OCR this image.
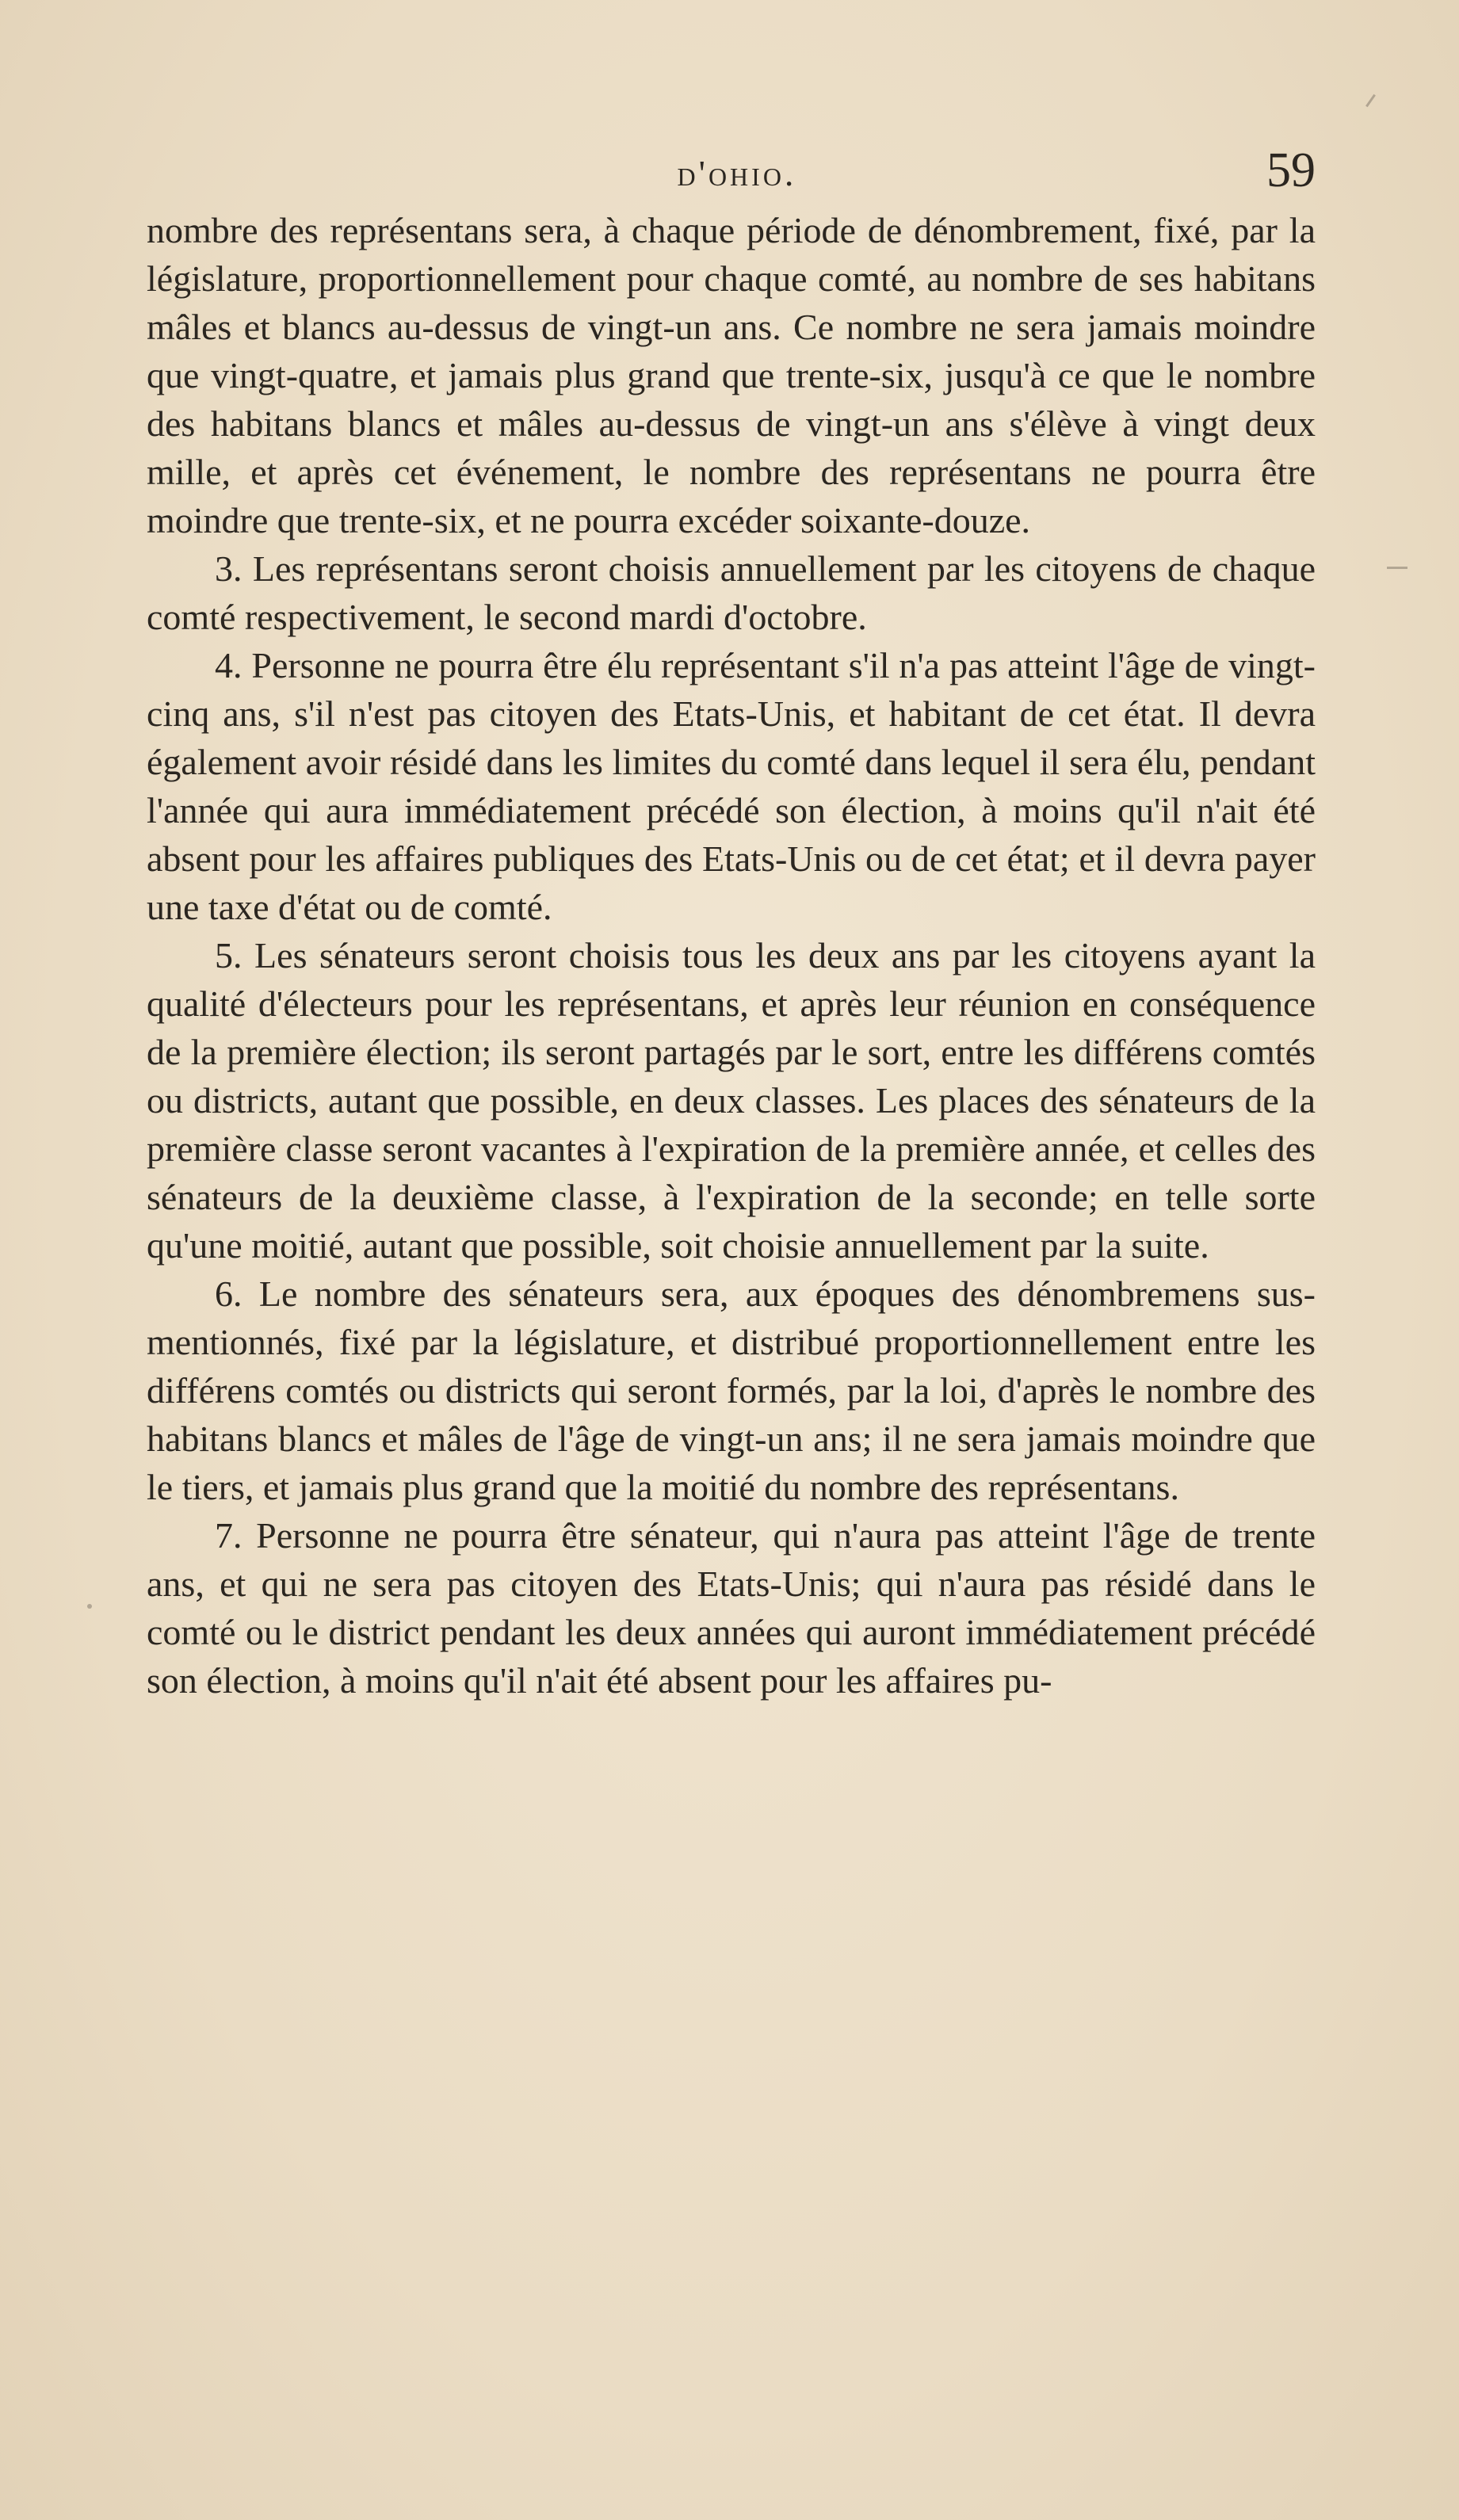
d'ohio.	59

nombre des représentans sera, à chaque période de dénombrement, fixé, par la législature, proportionnellement pour chaque comté, au nombre de ses habitans mâles et blancs au-dessus de vingt-un ans. Ce nombre ne sera jamais moindre que vingt-quatre, et jamais plus grand que trente-six, jusqu'à ce que le nombre des habitans blancs et mâles au-dessus de vingt-un ans s'élève à vingt deux mille, et après cet événement, le nombre des représentans ne pourra être moindre que trente-six, et ne pourra excéder soixante-douze.

3. Les représentans seront choisis annuellement par les citoyens de chaque comté respectivement, le second mardi d'octobre.

4. Personne ne pourra être élu représentant s'il n'a pas atteint l'âge de vingt-cinq ans, s'il n'est pas citoyen des Etats-Unis, et habitant de cet état. Il devra également avoir résidé dans les limites du comté dans lequel il sera élu, pendant l'année qui aura immédiatement précédé son élection, à moins qu'il n'ait été absent pour les affaires publiques des Etats-Unis ou de cet état; et il devra payer une taxe d'état ou de comté.

5. Les sénateurs seront choisis tous les deux ans par les citoyens ayant la qualité d'électeurs pour les représentans, et après leur réunion en conséquence de la première élection; ils seront partagés par le sort, entre les différens comtés ou districts, autant que possible, en deux classes. Les places des sénateurs de la première classe seront vacantes à l'expiration de la première année, et celles des sénateurs de la deuxième classe, à l'expiration de la seconde; en telle sorte qu'une moitié, autant que possible, soit choisie annuellement par la suite.

6. Le nombre des sénateurs sera, aux époques des dénombremens sus-mentionnés, fixé par la législature, et distribué proportionnellement entre les différens comtés ou districts qui seront formés, par la loi, d'après le nombre des habitans blancs et mâles de l'âge de vingt-un ans; il ne sera jamais moindre que le tiers, et jamais plus grand que la moitié du nombre des représentans.

7. Personne ne pourra être sénateur, qui n'aura pas atteint l'âge de trente ans, et qui ne sera pas citoyen des Etats-Unis; qui n'aura pas résidé dans le comté ou le district pendant les deux années qui auront immédiatement précédé son élection, à moins qu'il n'ait été absent pour les affaires pu-
